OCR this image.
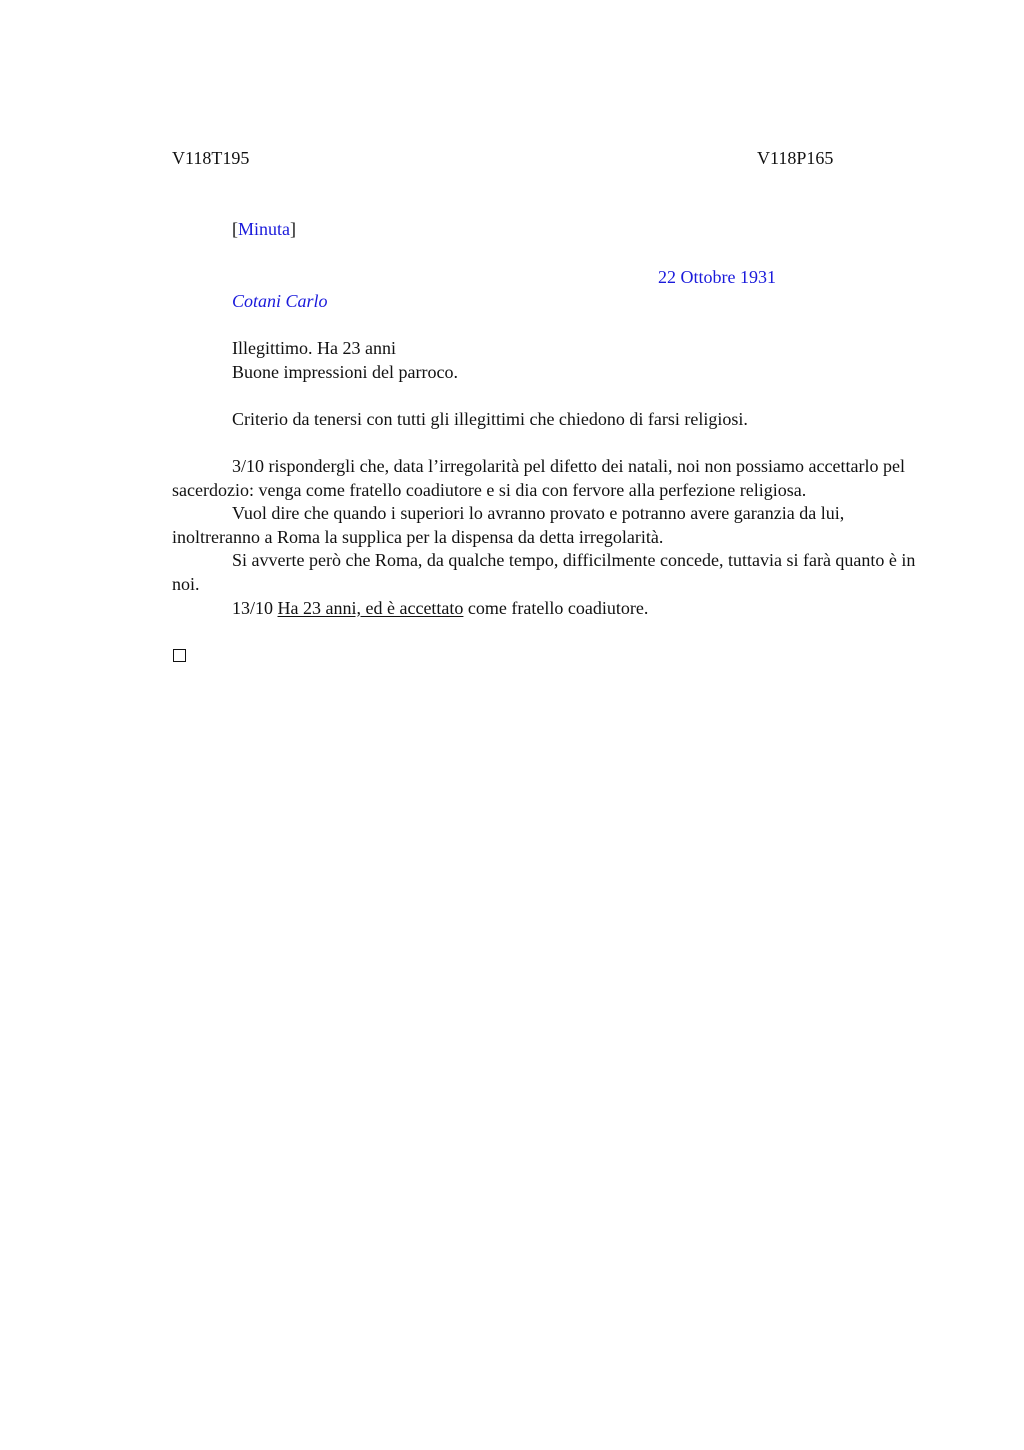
V118T195	V118P165
[Minuta]
22 Ottobre 1931
Cotani Carlo
Illegittimo. Ha 23 anni
Buone impressioni del parroco.
Criterio da tenersi con tutti gli illegittimi che chiedono di farsi religiosi.

3/10 rispondergli che, data l’irregolarità pel difetto dei natali, noi non possiamo accettarlo pel sacerdozio: venga come fratello coadiutore e si dia con fervore alla perfezione religiosa.

Vuol dire che quando i superiori lo avranno provato e potranno avere garanzia da lui, inoltreranno a Roma la supplica per la dispensa da detta irregolarità.

Si avverte però che Roma, da qualche tempo, difficilmente concede, tuttavia si farà quanto è in noi.

13/10 Ha 23 anni, ed è accettato come fratello coadiutore.
